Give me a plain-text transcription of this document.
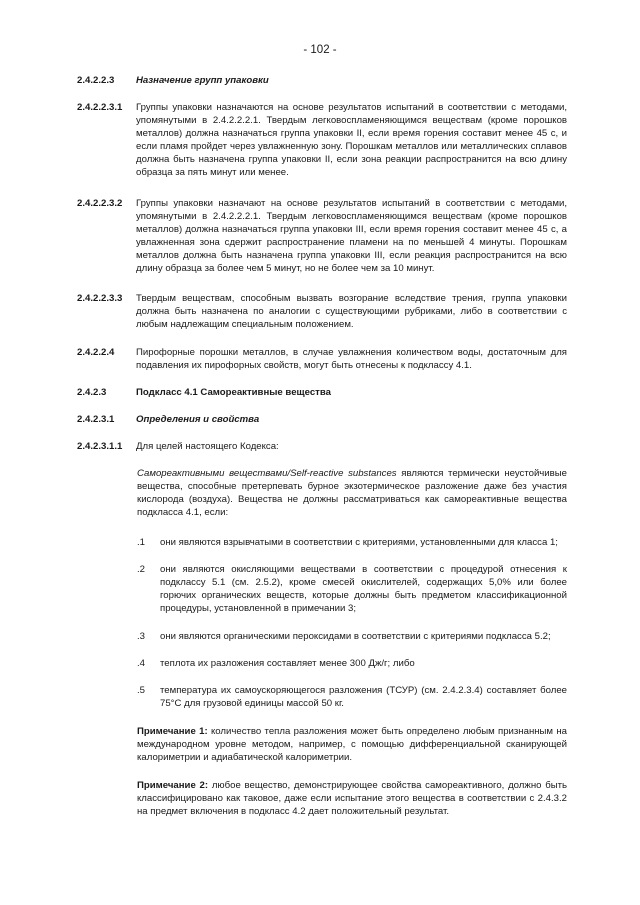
- 102 -
2.4.2.2.3 Назначение групп упаковки
2.4.2.2.3.1 Группы упаковки назначаются на основе результатов испытаний в соответствии с методами, упомянутыми в 2.4.2.2.2.1. Твердым легковоспламеняющимся веществам (кроме порошков металлов) должна назначаться группа упаковки II, если время горения составит менее 45 с, и если пламя пройдет через увлажненную зону. Порошкам металлов или металлических сплавов должна быть назначена группа упаковки II, если зона реакции распространится на всю длину образца за пять минут или менее.
2.4.2.2.3.2 Группы упаковки назначают на основе результатов испытаний в соответствии с методами, упомянутыми в 2.4.2.2.2.1. Твердым легковоспламеняющимся веществам (кроме порошков металлов) должна назначаться группа упаковки III, если время горения составит менее 45 с, а увлажненная зона сдержит распространение пламени на по меньшей 4 минуты. Порошкам металлов должна быть назначена группа упаковки III, если реакция распространится на всю длину образца за более чем 5 минут, но не более чем за 10 минут.
2.4.2.2.3.3 Твердым веществам, способным вызвать возгорание вследствие трения, группа упаковки должна быть назначена по аналогии с существующими рубриками, либо в соответствии с любым надлежащим специальным положением.
2.4.2.2.4 Пирофорные порошки металлов, в случае увлажнения количеством воды, достаточным для подавления их пирофорных свойств, могут быть отнесены к подклассу 4.1.
2.4.2.3	Подкласс 4.1 Самореактивные вещества
2.4.2.3.1 Определения и свойства
2.4.2.3.1.1 Для целей настоящего Кодекса:
Самореактивными веществами/Self-reactive substances являются термически неустойчивые вещества, способные претерпевать бурное экзотермическое разложение даже без участия кислорода (воздуха). Вещества не должны рассматриваться как самореактивные вещества подкласса 4.1, если:
.1 они являются взрывчатыми в соответствии с критериями, установленными для класса 1;
.2 они являются окисляющими веществами в соответствии с процедурой отнесения к подклассу 5.1 (см. 2.5.2), кроме смесей окислителей, содержащих 5,0% или более горючих органических веществ, которые должны быть предметом классификационной процедуры, установленной в примечании 3;
.3 они являются органическими пероксидами в соответствии с критериями подкласса 5.2;
.4 теплота их разложения составляет менее 300 Дж/г; либо
.5 температура их самоускоряющегося разложения (ТСУР) (см. 2.4.2.3.4) составляет более 75°C для грузовой единицы массой 50 кг.
Примечание 1: количество тепла разложения может быть определено любым признанным на международном уровне методом, например, с помощью дифференциальной сканирующей калориметрии и адиабатической калориметрии.
Примечание 2: любое вещество, демонстрирующее свойства самореактивного, должно быть классифицировано как таковое, даже если испытание этого вещества в соответствии с 2.4.3.2 на предмет включения в подкласс 4.2 дает положительный результат.
